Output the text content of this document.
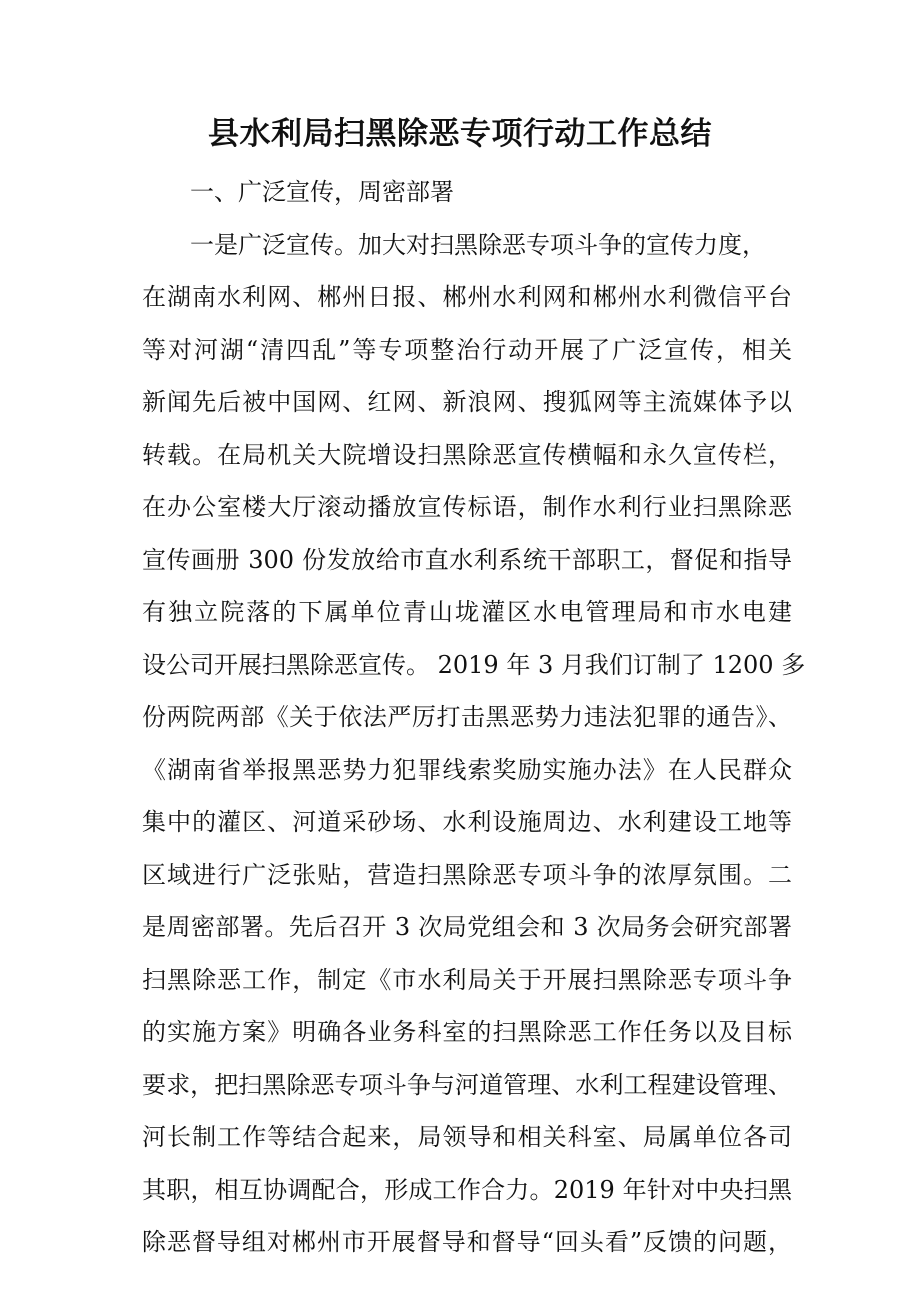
县水利局扫黑除恶专项行动工作总结
一、广泛宣传，周密部署
一是广泛宣传。加大对扫黑除恶专项斗争的宣传力度，
在湖南水利网、郴州日报、郴州水利网和郴州水利微信平台
等对河湖“清四乱”等专项整治行动开展了广泛宣传，相关
新闻先后被中国网、红网、新浪网、搜狐网等主流媒体予以
转载。在局机关大院增设扫黑除恶宣传横幅和永久宣传栏，
在办公室楼大厅滚动播放宣传标语，制作水利行业扫黑除恶
宣传画册 300 份发放给市直水利系统干部职工，督促和指导
有独立院落的下属单位青山垅灌区水电管理局和市水电建
设公司开展扫黑除恶宣传。 2019 年 3 月我们订制了 1200 多
份两院两部《关于依法严厉打击黑恶势力违法犯罪的通告》、
《湖南省举报黑恶势力犯罪线索奖励实施办法》在人民群众
集中的灌区、河道采砂场、水利设施周边、水利建设工地等
区域进行广泛张贴，营造扫黑除恶专项斗争的浓厚氛围。二
是周密部署。先后召开 3 次局党组会和 3 次局务会研究部署
扫黑除恶工作，制定《市水利局关于开展扫黑除恶专项斗争
的实施方案》明确各业务科室的扫黑除恶工作任务以及目标
要求，把扫黑除恶专项斗争与河道管理、水利工程建设管理、
河长制工作等结合起来，局领导和相关科室、局属单位各司
其职，相互协调配合，形成工作合力。2019 年针对中央扫黑
除恶督导组对郴州市开展督导和督导“回头看”反馈的问题，
